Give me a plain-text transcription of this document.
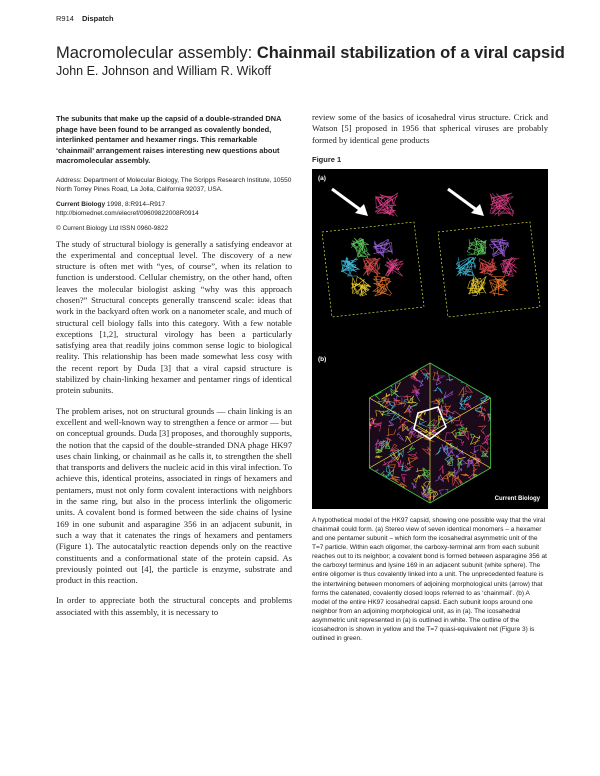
R914 Dispatch
Macromolecular assembly: Chainmail stabilization of a viral capsid
John E. Johnson and William R. Wikoff

The subunits that make up the capsid of a double-stranded DNA phage have been found to be arranged as covalently bonded, interlinked pentamer and hexamer rings. This remarkable ‘chainmail’ arrangement raises interesting new questions about macromolecular assembly.

Address: Department of Molecular Biology, The Scripps Research Institute, 10550 North Torrey Pines Road, La Jolla, California 92037, USA.

Current Biology 1998, 8:R914–R917
http://biomednet.com/elecref/09609822008R0914

© Current Biology Ltd ISSN 0960-9822

The study of structural biology is generally a satisfying endeavor at the experimental and conceptual level. The discovery of a new structure is often met with “yes, of course”, when its relation to function is understood. Cellular chemistry, on the other hand, often leaves the molecular biologist asking “why was this approach chosen?” Structural concepts generally transcend scale: ideas that work in the backyard often work on a nanometer scale, and much of structural cell biology falls into this category. With a few notable exceptions [1,2], structural virology has been a particularly satisfying area that readily joins common sense logic to biological reality. This relationship has been made somewhat less cosy with the recent report by Duda [3] that a viral capsid structure is stabilized by chain-linking hexamer and pentamer rings of identical protein subunits.

The problem arises, not on structural grounds — chain linking is an excellent and well-known way to strengthen a fence or armor — but on conceptual grounds. Duda [3] proposes, and thoroughly supports, the notion that the capsid of the double-stranded DNA phage HK97 uses chain linking, or chainmail as he calls it, to strengthen the shell that transports and delivers the nucleic acid in this viral infection. To achieve this, identical proteins, associated in rings of hexamers and pentamers, must not only form covalent interactions with neighbors in the same ring, but also in the process interlink the oligomeric units. A covalent bond is formed between the side chains of lysine 169 in one subunit and asparagine 356 in an adjacent subunit, in such a way that it catenates the rings of hexamers and pentamers (Figure 1). The autocatalytic reaction depends only on the reactive constituents and a conformational state of the protein capsid. As previously pointed out [4], the particle is enzyme, substrate and product in this reaction.

In order to appreciate both the structural concepts and problems associated with this assembly, it is necessary to

review some of the basics of icosahedral virus structure. Crick and Watson [5] proposed in 1956 that spherical viruses are probably formed by identical gene products

Figure 1
(a)
(b)
Current Biology

A hypothetical model of the HK97 capsid, showing one possible way that the viral chainmail could form. (a) Stereo view of seven identical monomers – a hexamer and one pentamer subunit – which form the icosahedral asymmetric unit of the T=7 particle. Within each oligomer, the carboxy-terminal arm from each subunit reaches out to its neighbor; a covalent bond is formed between asparagine 356 at the carboxyl terminus and lysine 169 in an adjacent subunit (white sphere). The entire oligomer is thus covalently linked into a unit. The unprecedented feature is the intertwining between monomers of adjoining morphological units (arrow) that forms the catenated, covalently closed loops referred to as ‘chainmail’. (b) A model of the entire HK97 icosahedral capsid. Each subunit loops around one neighbor from an adjoining morphological unit, as in (a). The icosahedral asymmetric unit represented in (a) is outlined in white. The outline of the icosahedron is shown in yellow and the T=7 quasi-equivalent net (Figure 3) is outlined in green.
